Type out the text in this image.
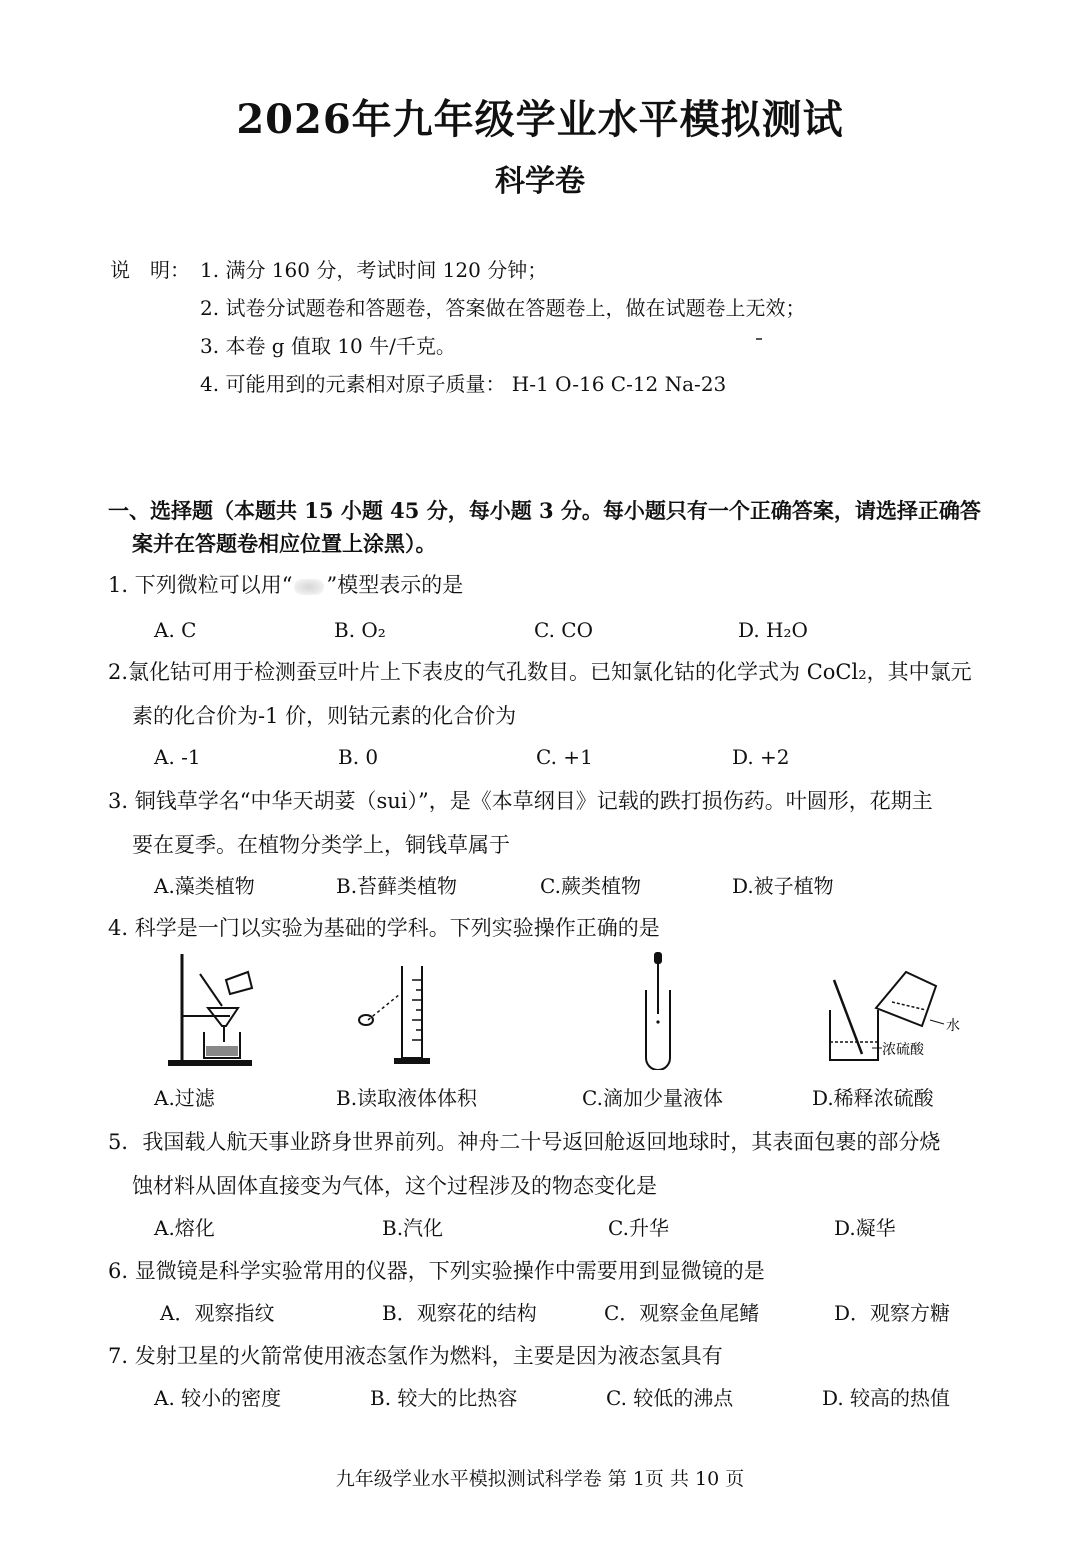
2026年九年级学业水平模拟测试
科学卷
说　明： 1. 满分 160 分，考试时间 120 分钟；
2. 试卷分试题卷和答题卷，答案做在答题卷上，做在试题卷上无效；
3. 本卷 g 值取 10 牛/千克。
4. 可能用到的元素相对原子质量： H-1 O-16 C-12 Na-23
一、选择题（本题共 15 小题 45 分，每小题 3 分。每小题只有一个正确答案，请选择正确答
案并在答题卷相应位置上涂黑）。

1. 下列微粒可以用“ ”模型表示的是

A. C	B. O₂	C. CO	D. H₂O

2.氯化钴可用于检测蚕豆叶片上下表皮的气孔数目。已知氯化钴的化学式为 CoCl₂，其中氯元

素的化合价为-1 价，则钴元素的化合价为

A. -1	B. 0	C. +1	D. +2

3. 铜钱草学名“中华天胡荽（sui）”，是《本草纲目》记载的跌打损伤药。叶圆形，花期主

要在夏季。在植物分类学上，铜钱草属于

A.藻类植物	B.苔藓类植物	C.蕨类植物	D.被子植物

4. 科学是一门以实验为基础的学科。下列实验操作正确的是

水
浓硫酸
A.过滤	B.读取液体体积	C.滴加少量液体	D.稀释浓硫酸

5．我国载人航天事业跻身世界前列。神舟二十号返回舱返回地球时，其表面包裹的部分烧

蚀材料从固体直接变为气体，这个过程涉及的物态变化是

A.熔化	B.汽化	C.升华	D.凝华

6. 显微镜是科学实验常用的仪器，下列实验操作中需要用到显微镜的是

A．观察指纹	B．观察花的结构	C．观察金鱼尾鳍	D．观察方糖

7. 发射卫星的火箭常使用液态氢作为燃料，主要是因为液态氢具有

A. 较小的密度	B. 较大的比热容	C. 较低的沸点	D. 较高的热值
九年级学业水平模拟测试科学卷 第 1页 共 10 页
